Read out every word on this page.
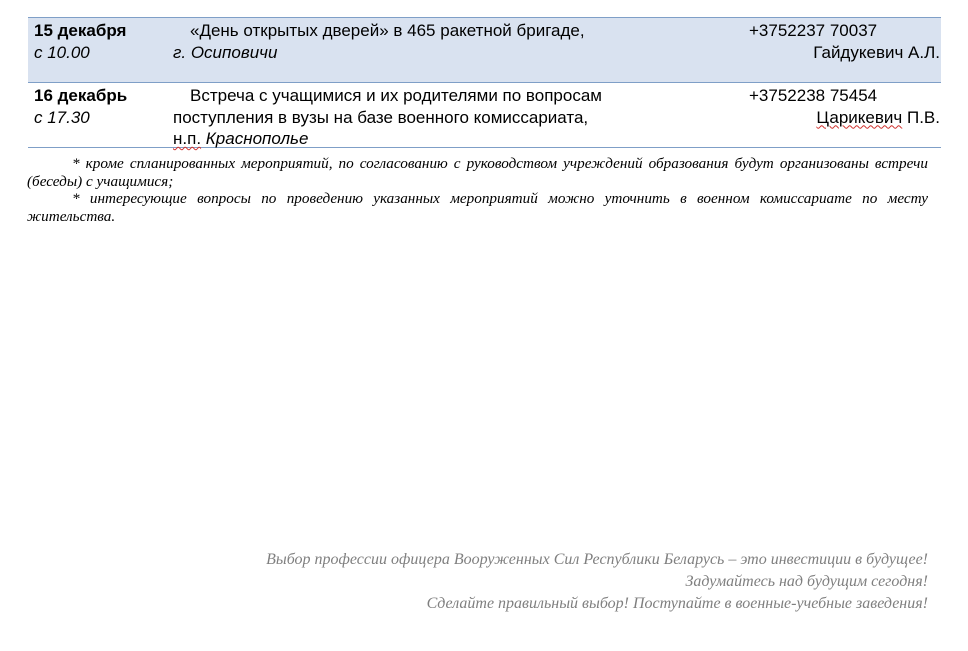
15 декабря
с 10.00
«День открытых дверей» в 465 ракетной бригаде,
г. Осиповичи
+3752237 70037
Гайдукевич А.Л.
16 декабрь
с 17.30
Встреча с учащимися и их родителями по вопросам
поступления в вузы на базе военного комиссариата,
н.п. Краснополье
+3752238 75454
Царикевич П.В.

* кроме спланированных мероприятий, по согласованию с руководством учреждений образования будут организованы встречи (беседы) с учащимися;

* интересующие вопросы по проведению указанных мероприятий можно уточнить в военном комиссариате по месту жительства.

Выбор профессии офицера Вооруженных Сил Республики Беларусь – это инвестиции в будущее!
Задумайтесь над будущим сегодня!
Сделайте правильный выбор! Поступайте в военные-учебные заведения!
